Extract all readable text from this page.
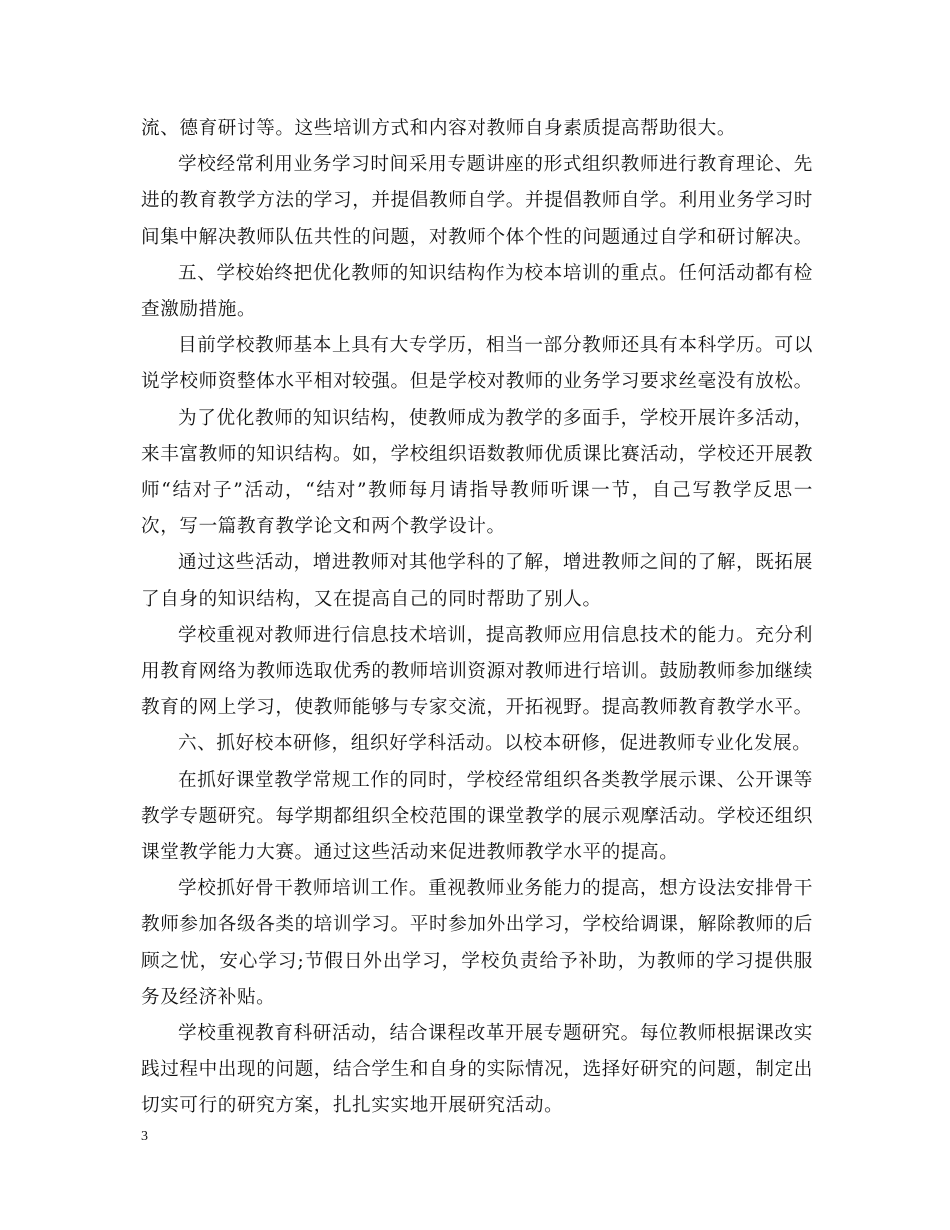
流、德育研讨等。这些培训方式和内容对教师自身素质提高帮助很大。

学校经常利用业务学习时间采用专题讲座的形式组织教师进行教育理论、先进的教育教学方法的学习，并提倡教师自学。并提倡教师自学。利用业务学习时间集中解决教师队伍共性的问题，对教师个体个性的问题通过自学和研讨解决。

五、学校始终把优化教师的知识结构作为校本培训的重点。任何活动都有检查激励措施。

目前学校教师基本上具有大专学历，相当一部分教师还具有本科学历。可以说学校师资整体水平相对较强。但是学校对教师的业务学习要求丝毫没有放松。

为了优化教师的知识结构，使教师成为教学的多面手，学校开展许多活动，来丰富教师的知识结构。如，学校组织语数教师优质课比赛活动，学校还开展教师“结对子”活动，“结对”教师每月请指导教师听课一节，自己写教学反思一次，写一篇教育教学论文和两个教学设计。

通过这些活动，增进教师对其他学科的了解，增进教师之间的了解，既拓展了自身的知识结构，又在提高自己的同时帮助了别人。

学校重视对教师进行信息技术培训，提高教师应用信息技术的能力。充分利用教育网络为教师选取优秀的教师培训资源对教师进行培训。鼓励教师参加继续教育的网上学习，使教师能够与专家交流，开拓视野。提高教师教育教学水平。

六、抓好校本研修，组织好学科活动。以校本研修，促进教师专业化发展。

在抓好课堂教学常规工作的同时，学校经常组织各类教学展示课、公开课等教学专题研究。每学期都组织全校范围的课堂教学的展示观摩活动。学校还组织课堂教学能力大赛。通过这些活动来促进教师教学水平的提高。

学校抓好骨干教师培训工作。重视教师业务能力的提高，想方设法安排骨干教师参加各级各类的培训学习。平时参加外出学习，学校给调课，解除教师的后顾之忧，安心学习;节假日外出学习，学校负责给予补助，为教师的学习提供服务及经济补贴。

学校重视教育科研活动，结合课程改革开展专题研究。每位教师根据课改实践过程中出现的问题，结合学生和自身的实际情况，选择好研究的问题，制定出切实可行的研究方案，扎扎实实地开展研究活动。

3
